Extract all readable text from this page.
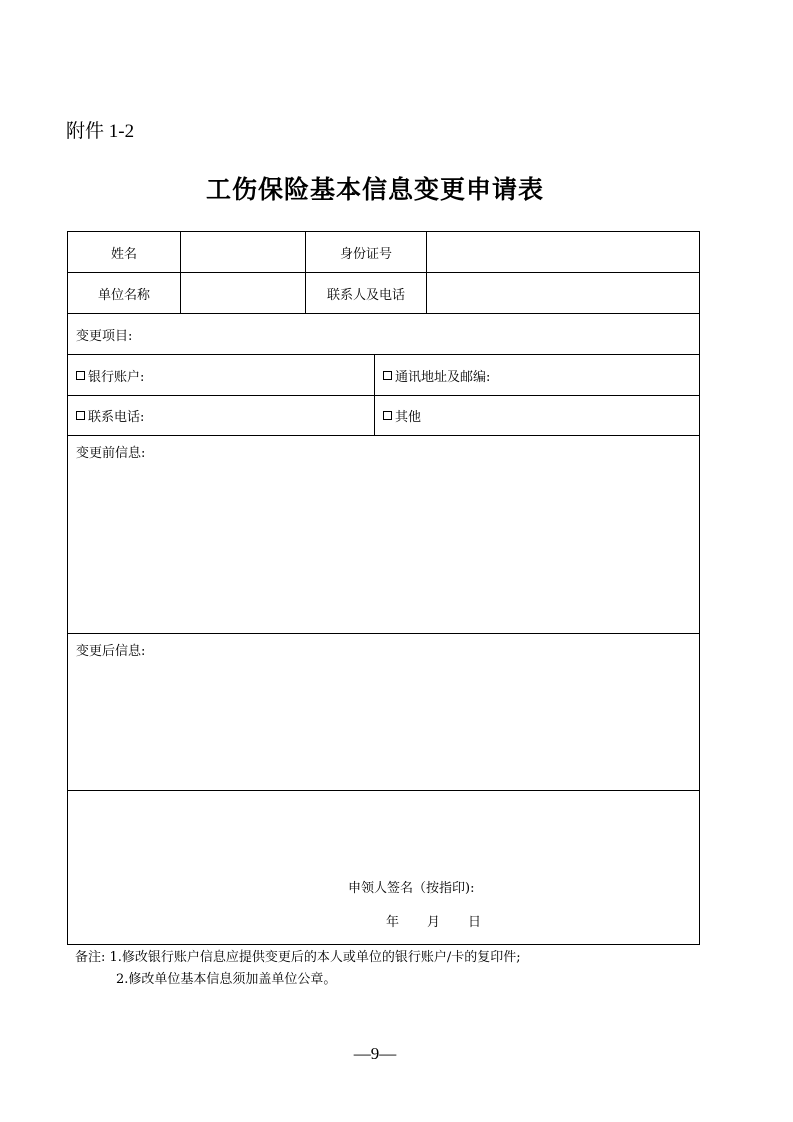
附件 1-2
工伤保险基本信息变更申请表
姓名	身份证号
单位名称	联系人及电话
变更项目:
银行账户:	通讯地址及邮编:
联系电话:	其他
变更前信息:
变更后信息:
申领人签名（按指印):
年 月 日
备注: 1.修改银行账户信息应提供变更后的本人或单位的银行账户/卡的复印件;
2.修改单位基本信息须加盖单位公章。
—9—
